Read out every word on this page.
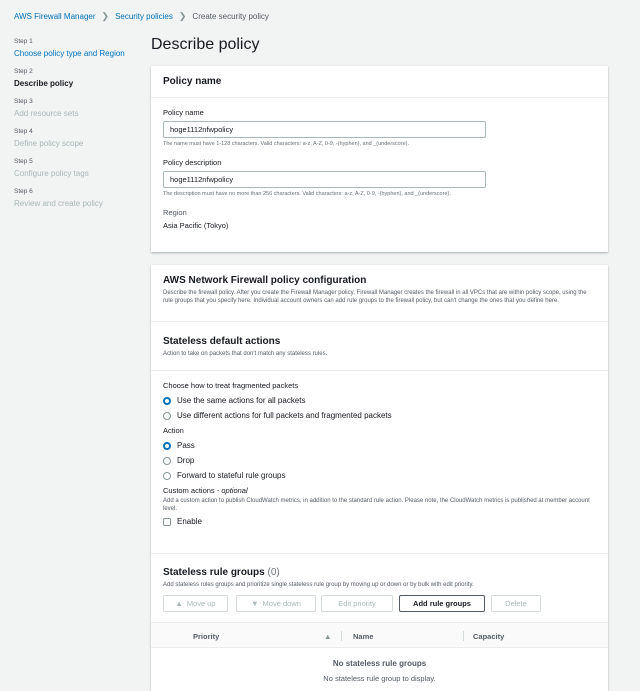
AWS Firewall Manager ❯ Security policies ❯ Create security policy
Step 1
Choose policy type and Region
Step 2
Describe policy
Step 3
Add resource sets
Step 4
Define policy scope
Step 5
Configure policy tags
Step 6
Review and create policy
Describe policy
Policy name
Policy name
hoge1112nfwpolicy
The name must have 1-128 characters. Valid characters: a-z, A-Z, 0-9, -(hyphen), and _(underscore).
Policy description
hoge1112nfwpolicy
The description must have no more than 256 characters. Valid characters: a-z, A-Z, 0-9, -(hyphen), and _(underscore).
Region
Asia Pacific (Tokyo)
AWS Network Firewall policy configuration
Describe the firewall policy. After you create the Firewall Manager policy, Firewall Manager creates the firewall in all VPCs that are within policy scope, using the rule groups that you specify here. Individual account owners can add rule groups to the firewall policy, but can't change the ones that you define here.
Stateless default actions
Action to take on packets that don't match any stateless rules.
Choose how to treat fragmented packets
Use the same actions for all packets
Use different actions for full packets and fragmented packets
Action
Pass
Drop
Forward to stateful rule groups
Custom actions - optional
Add a custom action to publish CloudWatch metrics, in addition to the standard rule action. Please note, the CloudWatch metrics is published at member account level.
Enable
Stateless rule groups (0)
Add stateless rules groups and prioritize single stateless rule group by moving up or down or by bulk with edit priority.
▲ Move up	▼ Move down	Edit priority	Add rule groups	Delete
Priority	▲	Name	Capacity
No stateless rule groups
No stateless rule group to display.
